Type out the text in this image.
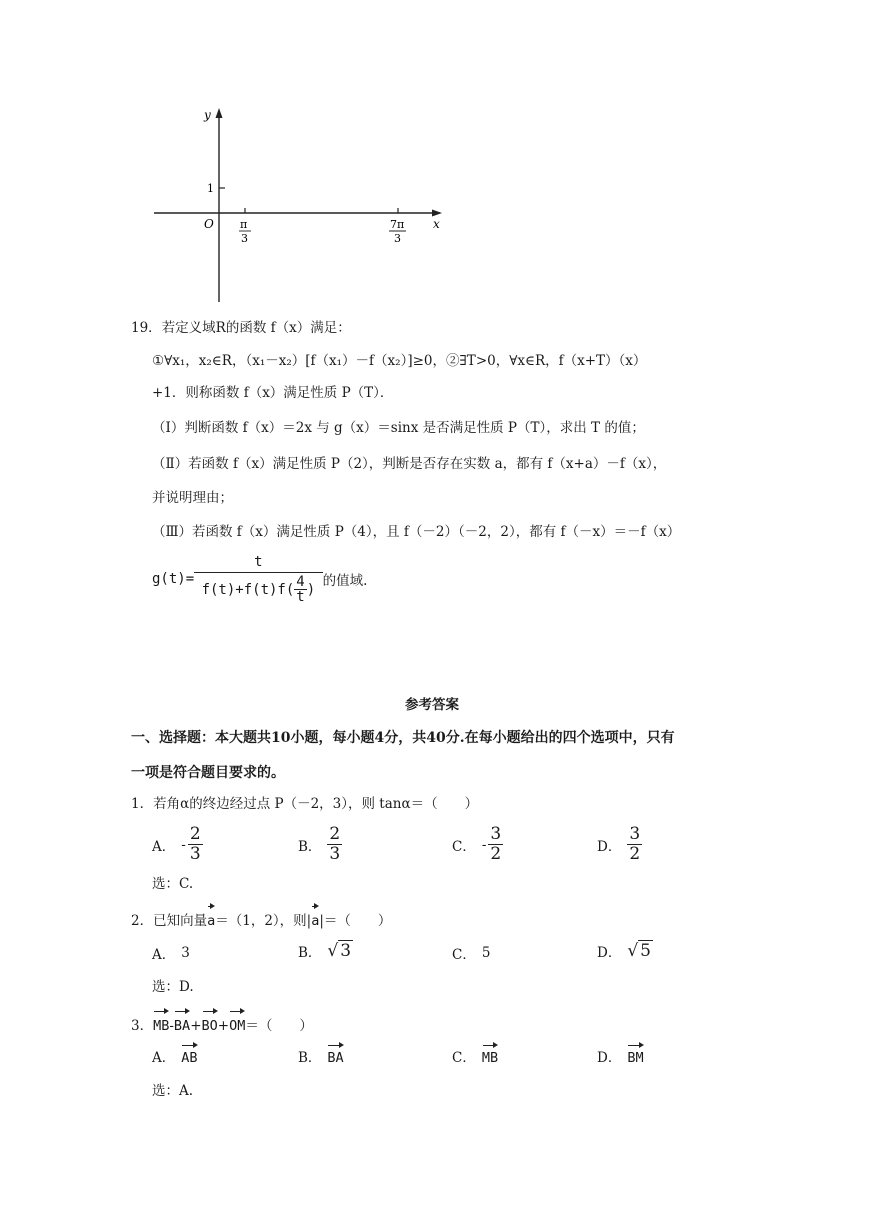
y
x
O
1
π
3
7π
3
19．若定义域R的函数 f（x）满足：
①∀x₁，x₂∈R，（x₁－x₂）[f（x₁）－f（x₂）]≥0，②∃T>0，∀x∈R，f（x+T）（x）
+1．则称函数 f（x）满足性质 P（T）．
（Ⅰ）判断函数 f（x）＝2x 与 g（x）＝sinx 是否满足性质 P（T），求出 T 的值；
（Ⅱ）若函数 f（x）满足性质 P（2），判断是否存在实数 a，都有 f（x+a）－f（x），
并说明理由；
（Ⅲ）若函数 f（x）满足性质 P（4），且 f（－2）（－2，2），都有 f（－x）＝－f（x）
$g(t)= \frac{t}{f(t)+f(t)f( \frac{4}{t} )}$ 的值域.
参考答案
一、选择题：本大题共10小题，每小题4分，共40分.在每小题给出的四个选项中，只有
一项是符合题目要求的。
1．若角α的终边经过点 P（－2，3），则 tanα＝（　　）
A． - $\frac{2}{3}$	B． $\frac{2}{3}$	C． - $\frac{3}{2}$	D． $\frac{3}{2}$
选：C.
2．已知向量 a ＝（1，2），则| a |＝（　　）
A． 3	B． √ 3	C． 5	D． √ 5
选：D.
3． MB - BA + BO + OM ＝（　　）
A． AB	B． BA	C． MB	D． BM
选：A.
